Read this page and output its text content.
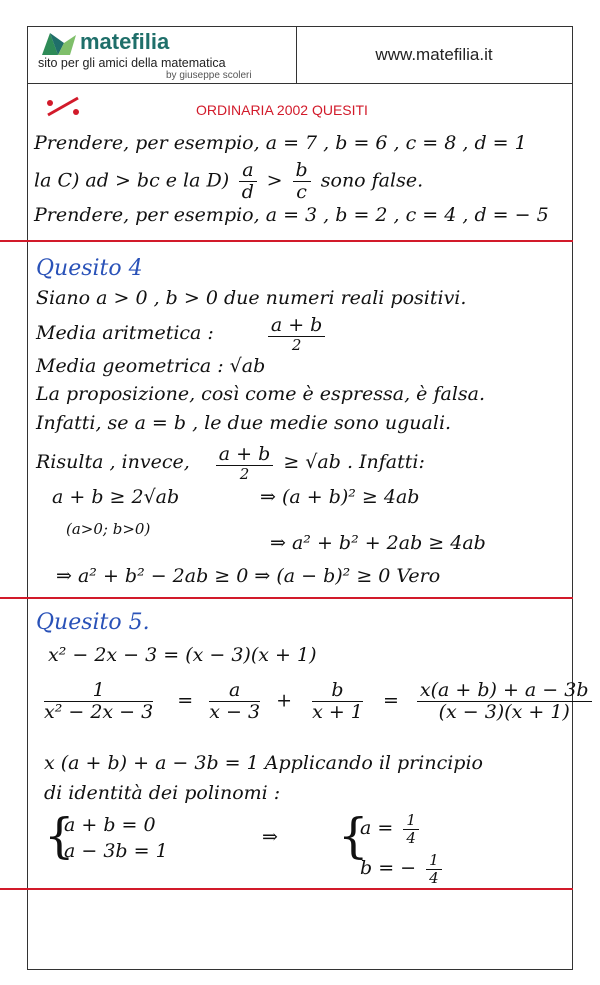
matefilia
sito per gli amici della matematica
by giuseppe scoleri
www.matefilia.it
ORDINARIA 2002 QUESITI
Prendere, per esempio, a = 7 , b = 6 , c = 8 , d = 1
la C) ad > bc e la $D) \frac{a}{d} > \frac{b}{c}$ sono false.
Prendere, per esempio, a = 3 , b = 2 , c = 4 , d = − 5
Quesito 4
Siano a > 0 , b > 0 due numeri reali positivi.
Media aritmetica :	$\frac{a + b}{2}$
Media geometrica : √ab
La proposizione, così come è espressa, è falsa.
Infatti, se a = b , le due medie sono uguali.
Risulta , invece, $\frac{a + b}{2} \ge √ab$ . Infatti:
a + b ≥ 2√ab	⇒ (a + b)² ≥ 4ab
(a>0; b>0)
⇒ a² + b² + 2ab ≥ 4ab
⇒ a² + b² − 2ab ≥ 0 ⇒ (a − b)² ≥ 0 Vero
Quesito 5.
x² − 2x − 3 = (x − 3)(x + 1)
$\frac{1}{\text{x² − 2x − 3}} = \frac{a}{x - 3} + \frac{b}{x + 1} = \frac{x(a + b) + a - 3b}{(x - 3)(x + 1)}$
x (a + b) + a − 3b = 1 Applicando il principio
di identità dei polinomi :
{
a + b = 0
a − 3b = 1
⇒ {
$a = \frac{1}{4}$
b = − $\frac{1}{4}$
